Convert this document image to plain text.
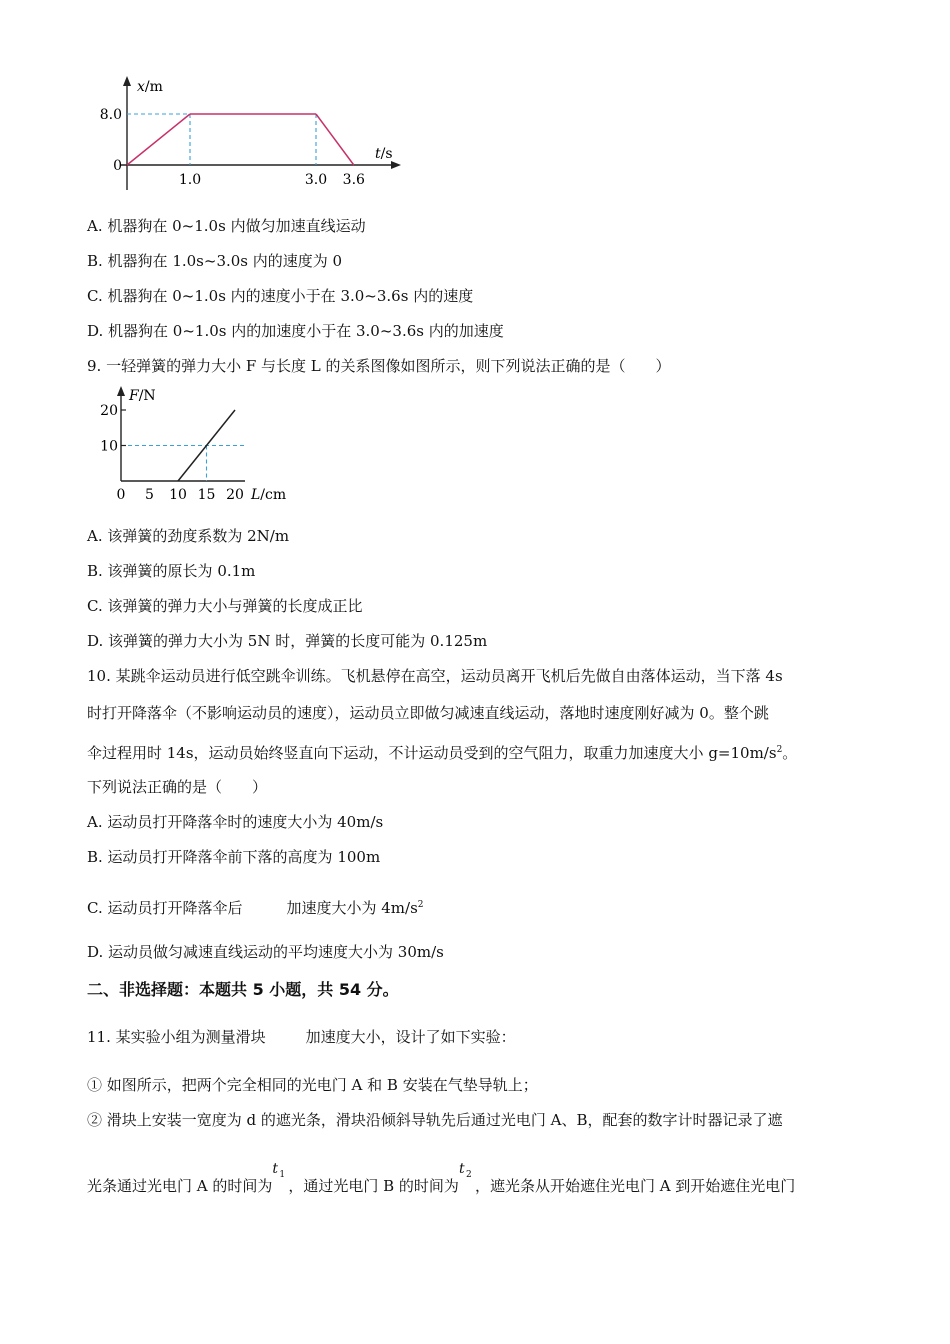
1.0	3.0 3.6
0
8.0
x/m
t/s
A. 机器狗在 0~1.0s 内做匀加速直线运动
B. 机器狗在 1.0s~3.0s 内的速度为 0
C. 机器狗在 0~1.0s 内的速度小于在 3.0~3.6s 内的速度
D. 机器狗在 0~1.0s 内的加速度小于在 3.0~3.6s 内的加速度
9. 一轻弹簧的弹力大小 F 与长度 L 的关系图像如图所示，则下列说法正确的是（　　）
0 5 10 15 20
10
20
F/N
L/cm
A. 该弹簧的劲度系数为 2N/m
B. 该弹簧的原长为 0.1m
C. 该弹簧的弹力大小与弹簧的长度成正比
D. 该弹簧的弹力大小为 5N 时，弹簧的长度可能为 0.125m
10. 某跳伞运动员进行低空跳伞训练。飞机悬停在高空，运动员离开飞机后先做自由落体运动，当下落 4s
时打开降落伞（不影响运动员的速度），运动员立即做匀减速直线运动，落地时速度刚好减为 0。整个跳
伞过程用时 14s，运动员始终竖直向下运动，不计运动员受到的空气阻力，取重力加速度大小 $g=10m/s^2$。
下列说法正确的是（　　）
A. 运动员打开降落伞时的速度大小为 40m/s
B. 运动员打开降落伞前下落的高度为 100m
C. 运动员打开降落伞后	加速度大小为 $4m/s^2$
D. 运动员做匀减速直线运动的平均速度大小为 30m/s
二、非选择题：本题共 5 小题，共 54 分。
11. 某实验小组为测量滑块	加速度大小，设计了如下实验：
① 如图所示，把两个完全相同的光电门 A 和 B 安装在气垫导轨上；
② 滑块上安装一宽度为 d 的遮光条，滑块沿倾斜导轨先后通过光电门 A、B，配套的数字计时器记录了遮
光条通过光电门 A 的时间为
t 1
，通过光电门 B 的时间为
t 2
，遮光条从开始遮住光电门 A 到开始遮住光电门
